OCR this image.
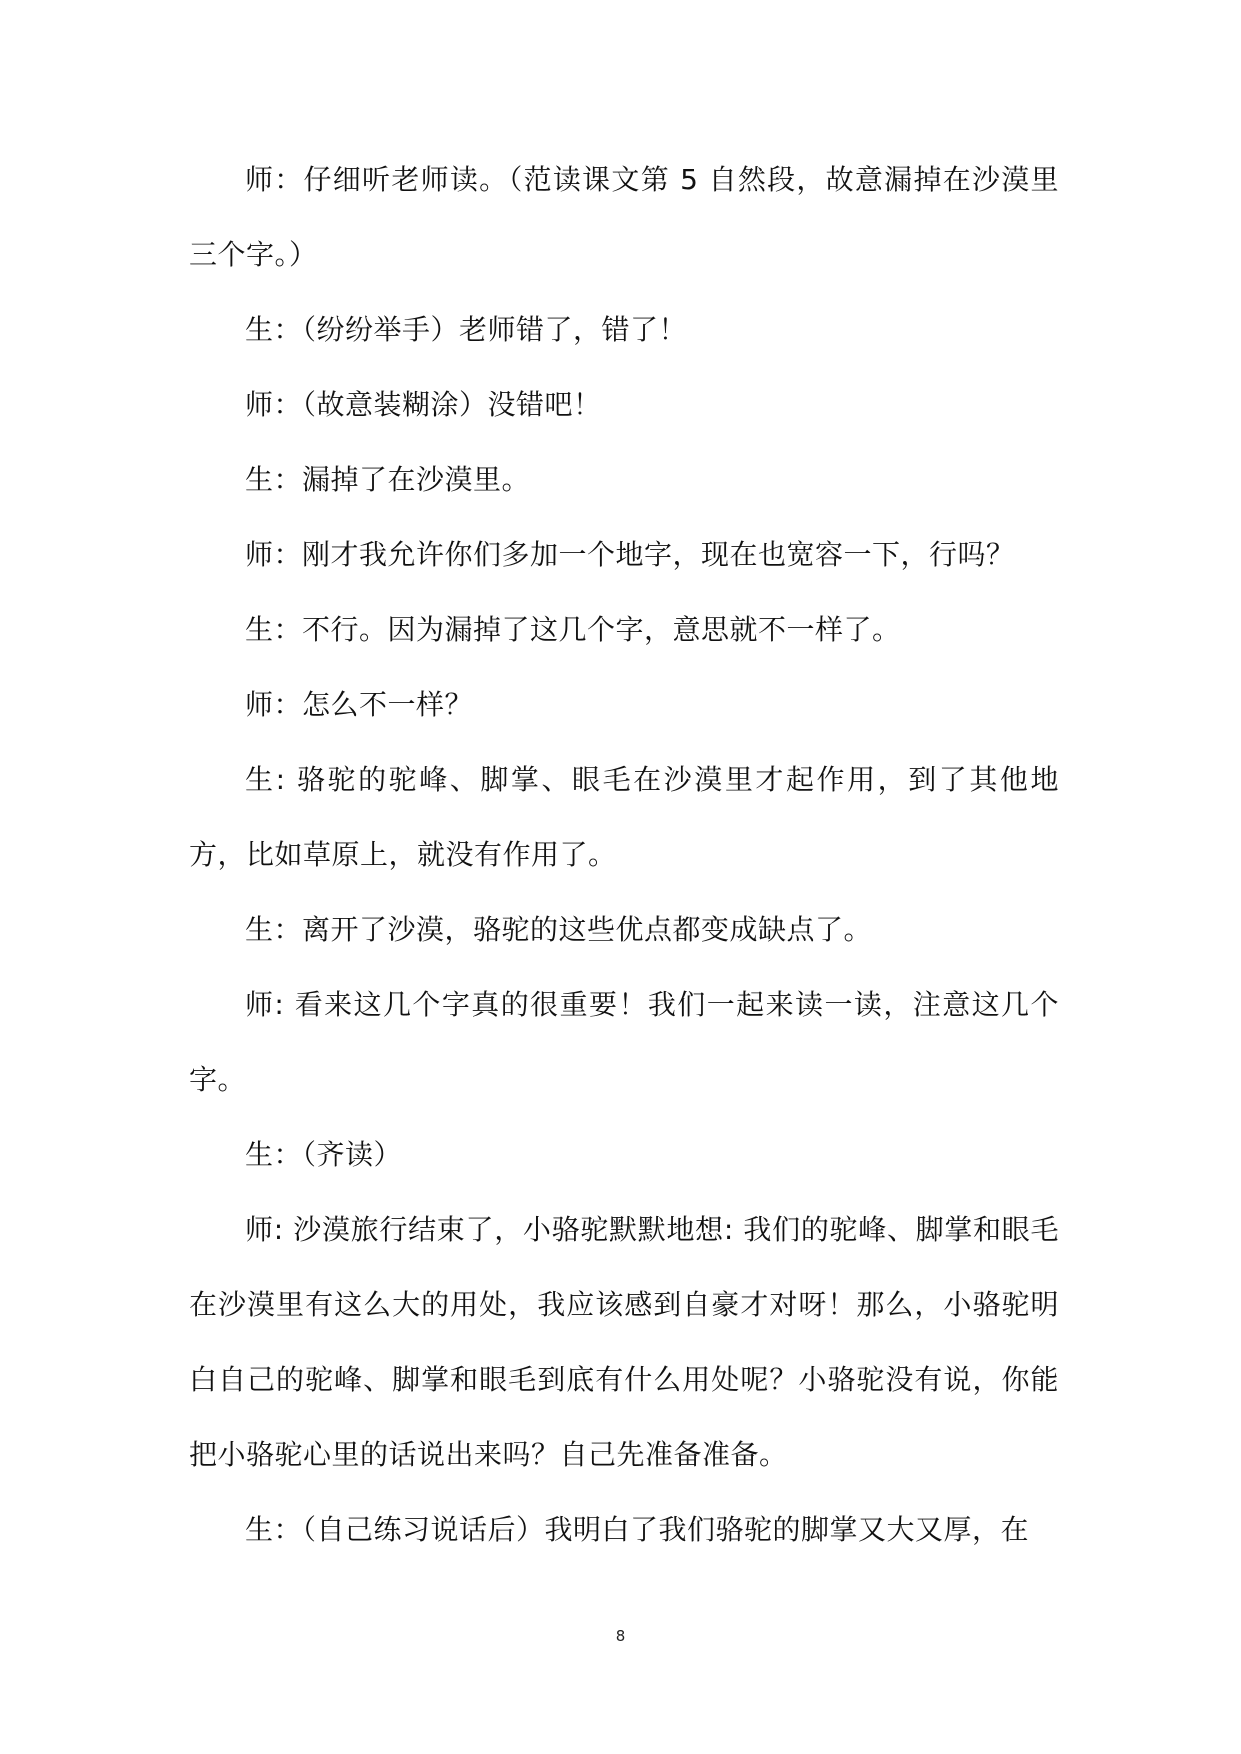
师：仔细听老师读。（范读课文第 5 自然段，故意漏掉在沙漠里三个字。）

生：（纷纷举手）老师错了，错了！

师：（故意装糊涂）没错吧！

生：漏掉了在沙漠里。

师：刚才我允许你们多加一个地字，现在也宽容一下，行吗？

生：不行。因为漏掉了这几个字，意思就不一样了。

师：怎么不一样？

生: 骆驼的驼峰、脚掌、眼毛在沙漠里才起作用，到了其他地方，比如草原上，就没有作用了。

生：离开了沙漠，骆驼的这些优点都变成缺点了。

师: 看来这几个字真的很重要！我们一起来读一读，注意这几个字。

生：（齐读）

师: 沙漠旅行结束了，小骆驼默默地想: 我们的驼峰、脚掌和眼毛在沙漠里有这么大的用处，我应该感到自豪才对呀！那么，小骆驼明白自己的驼峰、脚掌和眼毛到底有什么用处呢？小骆驼没有说，你能把小骆驼心里的话说出来吗？自己先准备准备。

生：（自己练习说话后）我明白了我们骆驼的脚掌又大又厚，在

8
